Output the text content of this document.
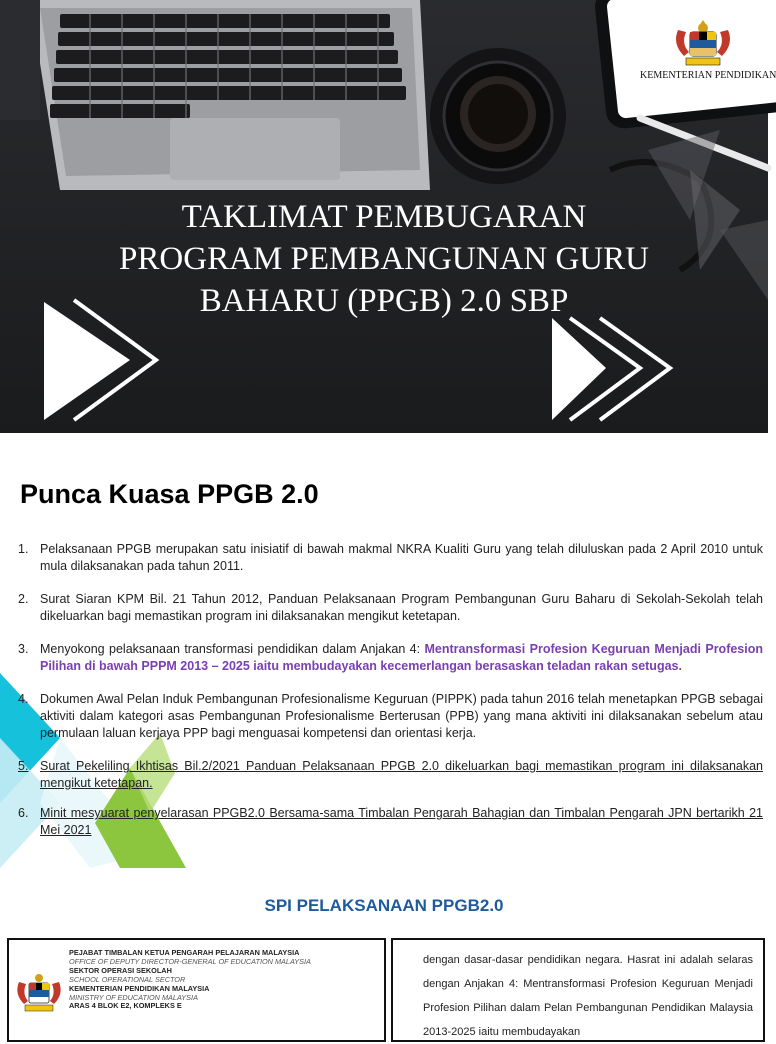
KEMENTERIAN PENDIDIKAN
TAKLIMAT PEMBUGARAN
PROGRAM PEMBANGUNAN GURU
BAHARU (PPGB) 2.0 SBP
Punca Kuasa PPGB 2.0
1. Pelaksanaan PPGB merupakan satu inisiatif di bawah makmal NKRA Kualiti Guru yang telah diluluskan pada 2 April 2010 untuk mula dilaksanakan pada tahun 2011.
2. Surat Siaran KPM Bil. 21 Tahun 2012, Panduan Pelaksanaan Program Pembangunan Guru Baharu di Sekolah-Sekolah telah dikeluarkan bagi memastikan program ini dilaksanakan mengikut ketetapan.
3. Menyokong pelaksanaan transformasi pendidikan dalam Anjakan 4: Mentransformasi Profesion Keguruan Menjadi Profesion Pilihan di bawah PPPM 2013 – 2025 iaitu membudayakan kecemerlangan berasaskan teladan rakan setugas.
4. Dokumen Awal Pelan Induk Pembangunan Profesionalisme Keguruan (PIPPK) pada tahun 2016 telah menetapkan PPGB sebagai aktiviti dalam kategori asas Pembangunan Profesionalisme Berterusan (PPB) yang mana aktiviti ini dilaksanakan sebelum atau permulaan laluan kerjaya PPP bagi menguasai kompetensi dan orientasi kerja.
5. Surat Pekeliling Ikhtisas Bil.2/2021 Panduan Pelaksanaan PPGB 2.0 dikeluarkan bagi memastikan program ini dilaksanakan mengikut ketetapan.
6. Minit mesyuarat penyelarasan PPGB2.0 Bersama-sama Timbalan Pengarah Bahagian dan Timbalan Pengarah JPN bertarikh 21 Mei 2021
SPI PELAKSANAAN PPGB2.0
PEJABAT TIMBALAN KETUA PENGARAH PELAJARAN MALAYSIA
OFFICE OF DEPUTY DIRECTOR-GENERAL OF EDUCATION MALAYSIA
SEKTOR OPERASI SEKOLAH
SCHOOL OPERATIONAL SECTOR
KEMENTERIAN PENDIDIKAN MALAYSIA
MINISTRY OF EDUCATION MALAYSIA
ARAS 4 BLOK E2, KOMPLEKS E
dengan dasar-dasar pendidikan negara. Hasrat ini adalah selaras dengan Anjakan 4: Mentransformasi Profesion Keguruan Menjadi Profesion Pilihan dalam Pelan Pembangunan Pendidikan Malaysia 2013-2025 iaitu membudayakan
